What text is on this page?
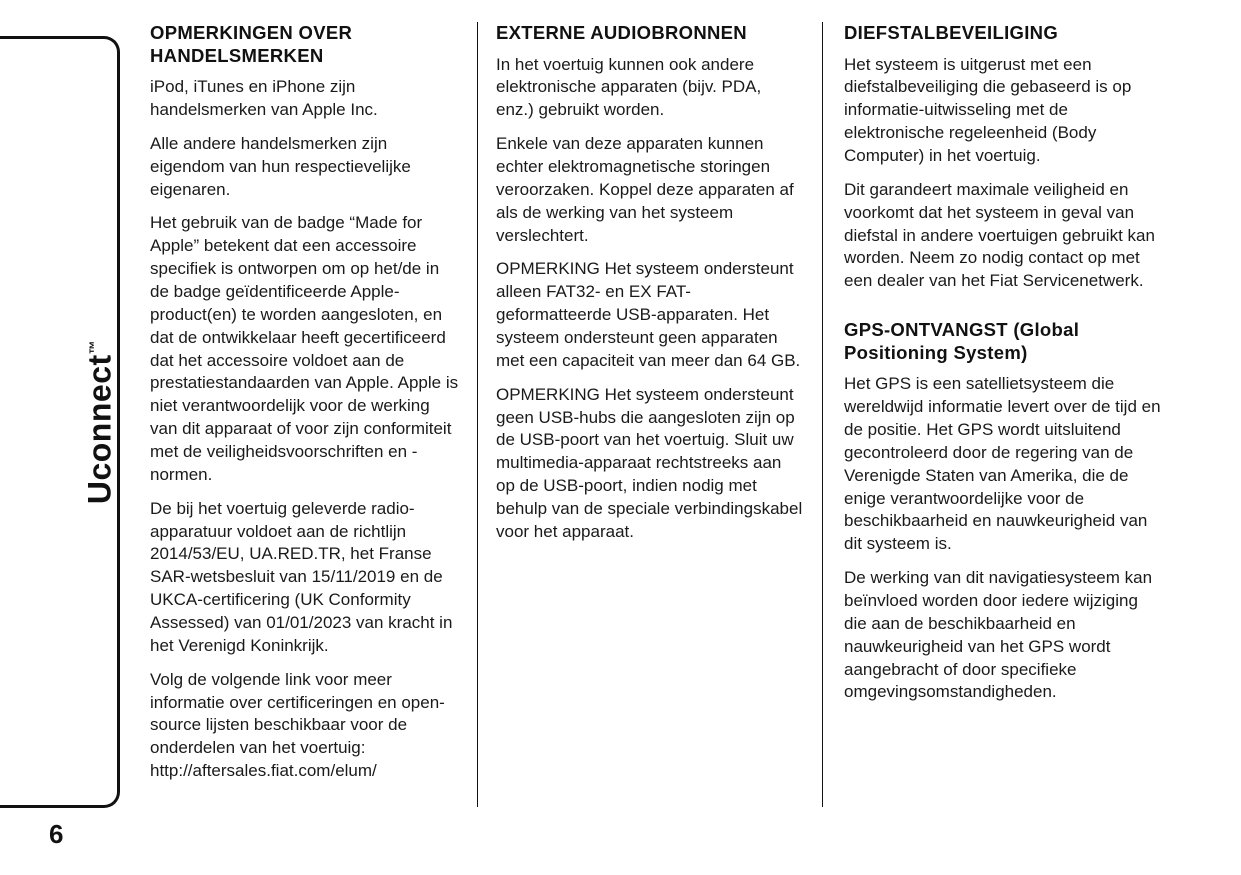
Uconnect™
6
OPMERKINGEN OVER HANDELSMERKEN

iPod, iTunes en iPhone zijn handelsmerken van Apple Inc.

Alle andere handelsmerken zijn eigendom van hun respectievelijke eigenaren.

Het gebruik van de badge “Made for Apple” betekent dat een accessoire specifiek is ontworpen om op het/de in de badge geïdentificeerde Apple-product(en) te worden aangesloten, en dat de ontwikkelaar heeft gecertificeerd dat het accessoire voldoet aan de prestatiestandaarden van Apple. Apple is niet verantwoordelijk voor de werking van dit apparaat of voor zijn conformiteit met de veiligheidsvoorschriften en -normen.

De bij het voertuig geleverde radio-apparatuur voldoet aan de richtlijn 2014/53/EU, UA.RED.TR, het Franse SAR-wetsbesluit van 15/11/2019 en de UKCA-certificering (UK Conformity Assessed) van 01/01/2023 van kracht in het Verenigd Koninkrijk.

Volg de volgende link voor meer informatie over certificeringen en open-source lijsten beschikbaar voor de onderdelen van het voertuig: http://aftersales.fiat.com/elum/

EXTERNE AUDIOBRONNEN

In het voertuig kunnen ook andere elektronische apparaten (bijv. PDA, enz.) gebruikt worden.

Enkele van deze apparaten kunnen echter elektromagnetische storingen veroorzaken. Koppel deze apparaten af als de werking van het systeem verslechtert.

OPMERKING Het systeem ondersteunt alleen FAT32- en EX FAT-geformatteerde USB-apparaten. Het systeem ondersteunt geen apparaten met een capaciteit van meer dan 64 GB.

OPMERKING Het systeem ondersteunt geen USB-hubs die aangesloten zijn op de USB-poort van het voertuig. Sluit uw multimedia-apparaat rechtstreeks aan op de USB-poort, indien nodig met behulp van de speciale verbindingskabel voor het apparaat.

DIEFSTALBEVEILIGING

Het systeem is uitgerust met een diefstalbeveiliging die gebaseerd is op informatie-uitwisseling met de elektronische regeleenheid (Body Computer) in het voertuig.

Dit garandeert maximale veiligheid en voorkomt dat het systeem in geval van diefstal in andere voertuigen gebruikt kan worden. Neem zo nodig contact op met een dealer van het Fiat Servicenetwerk.

GPS-ONTVANGST (Global Positioning System)

Het GPS is een satellietsysteem die wereldwijd informatie levert over de tijd en de positie. Het GPS wordt uitsluitend gecontroleerd door de regering van de Verenigde Staten van Amerika, die de enige verantwoordelijke voor de beschikbaarheid en nauwkeurigheid van dit systeem is.

De werking van dit navigatiesysteem kan beïnvloed worden door iedere wijziging die aan de beschikbaarheid en nauwkeurigheid van het GPS wordt aangebracht of door specifieke omgevingsomstandigheden.
